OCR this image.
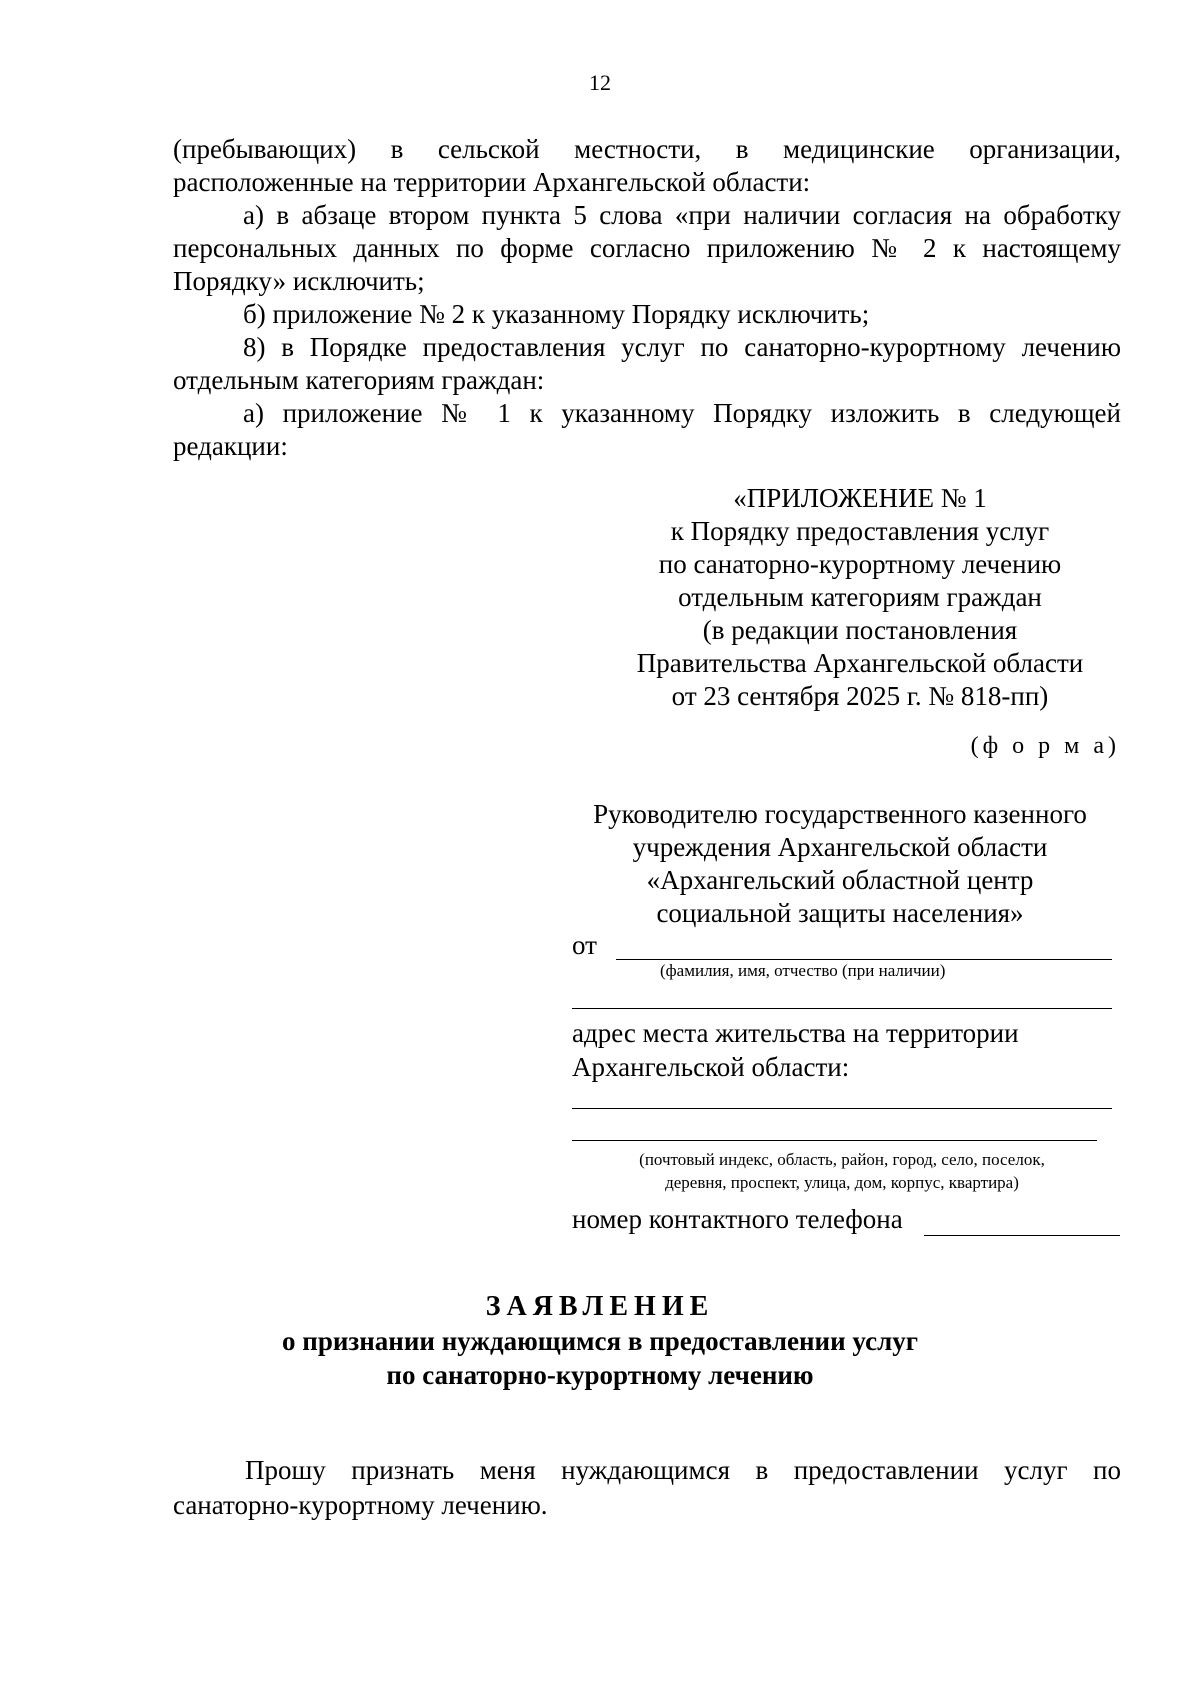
12

(пребывающих) в сельской местности, в медицинские организации, расположенные на территории Архангельской области:

а) в абзаце втором пункта 5 слова «при наличии согласия на обработку персональных данных по форме согласно приложению № 2 к настоящему Порядку» исключить;

б) приложение № 2 к указанному Порядку исключить;

8) в Порядке предоставления услуг по санаторно-курортному лечению отдельным категориям граждан:

а) приложение № 1 к указанному Порядку изложить в следующей редакции:

«ПРИЛОЖЕНИЕ № 1
к Порядку предоставления услуг
по санаторно-курортному лечению
отдельным категориям граждан
(в редакции постановления
Правительства Архангельской области
от 23 сентября 2025 г. № 818-пп)
(ф о р м а)
Руководителю государственного казенного
учреждения Архангельской области
«Архангельский областной центр
социальной защиты населения»
от
(фамилия, имя, отчество (при наличии)
адрес места жительства на территории
Архангельской области:
(почтовый индекс, область, район, город, село, поселок,
деревня, проспект, улица, дом, корпус, квартира)
номер контактного телефона
ЗАЯВЛЕНИЕ
о признании нуждающимся в предоставлении услуг
по санаторно-курортному лечению

Прошу признать меня нуждающимся в предоставлении услуг по санаторно-курортному лечению.
